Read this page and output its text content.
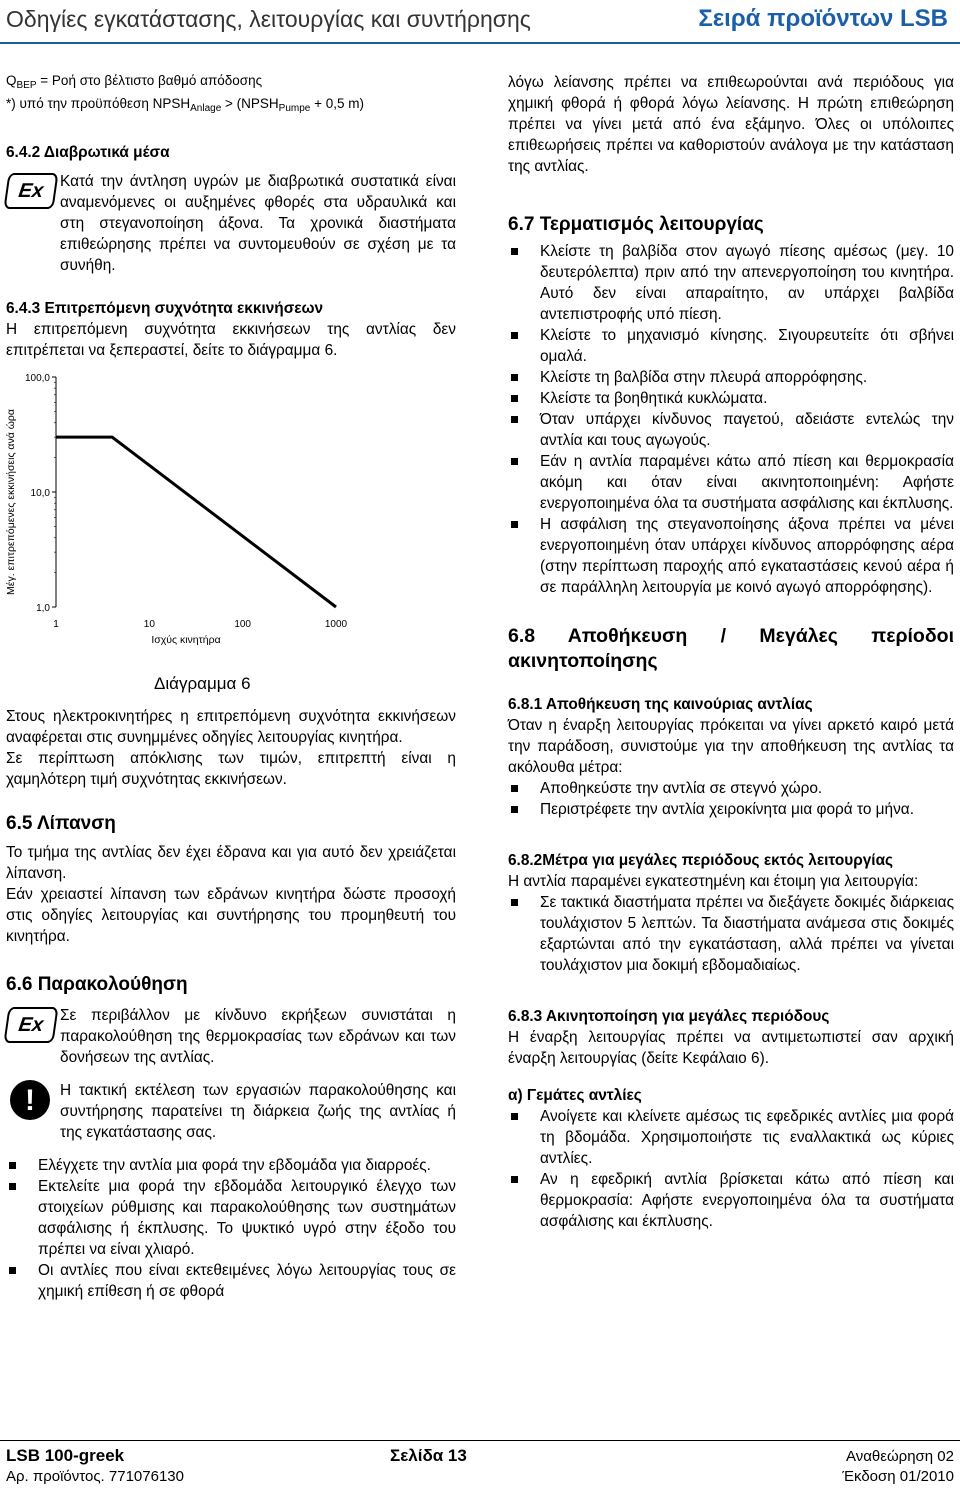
Οδηγίες εγκατάστασης, λειτουργίας και συντήρησης	Σειρά προϊόντων LSB

$Q_{BEP} = Poή$ στο βέλτιστο βαθμό απόδοσης

*) υπό την προϋπόθεση $NPSH_{Anlage}$ > ($NPSH_{Pumpe} + 0,5$ m)

6.4.2 Διαβρωτικά μέσα

Ex Κατά την άντληση υγρών με διαβρωτικά συστατικά είναι αναμενόμενες οι αυξημένες φθορές στα υδραυλικά και στη στεγανοποίηση άξονα. Τα χρονικά διαστήματα επιθεώρησης πρέπει να συντομευθούν σε σχέση με τα συνήθη.

6.4.3 Επιτρεπόμενη συχνότητα εκκινήσεων

Η επιτρεπόμενη συχνότητα εκκινήσεων της αντλίας δεν επιτρέπεται να ξεπεραστεί, δείτε το διάγραμμα 6.

1,0
10,0
100,0
1	10	100	1000
Ισχύς κινητήρα
Μέγ. επιτρεπόμενες εκκινήσεις ανά ώρα

Διάγραμμα 6

Στους ηλεκτροκινητήρες η επιτρεπόμενη συχνότητα εκκινήσεων αναφέρεται στις συνημμένες οδηγίες λειτουργίας κινητήρα.

Σε περίπτωση απόκλισης των τιμών, επιτρεπτή είναι η χαμηλότερη τιμή συχνότητας εκκινήσεων.

6.5 Λίπανση

Το τμήμα της αντλίας δεν έχει έδρανα και για αυτό δεν χρειάζεται λίπανση.

Εάν χρειαστεί λίπανση των εδράνων κινητήρα δώστε προσοχή στις οδηγίες λειτουργίας και συντήρησης του προμηθευτή του κινητήρα.

6.6 Παρακολούθηση

Ex Σε περιβάλλον με κίνδυνο εκρήξεων συνιστάται η παρακολούθηση της θερμοκρασίας των εδράνων και των δονήσεων της αντλίας.

!	Η τακτική εκτέλεση των εργασιών παρακολούθησης και συντήρησης παρατείνει τη διάρκεια ζωής της αντλίας ή της εγκατάστασης σας.

Ελέγχετε την αντλία μια φορά την εβδομάδα για διαρροές.

Εκτελείτε μια φορά την εβδομάδα λειτουργικό έλεγχο των στοιχείων ρύθμισης και παρακολούθησης των συστημάτων ασφάλισης ή έκπλυσης. Το ψυκτικό υγρό στην έξοδο του πρέπει να είναι χλιαρό.

Οι αντλίες που είναι εκτεθειμένες λόγω λειτουργίας τους σε χημική επίθεση ή σε φθορά

λόγω λείανσης πρέπει να επιθεωρούνται ανά περιόδους για χημική φθορά ή φθορά λόγω λείανσης. Η πρώτη επιθεώρηση πρέπει να γίνει μετά από ένα εξάμηνο. Όλες οι υπόλοιπες επιθεωρήσεις πρέπει να καθοριστούν ανάλογα με την κατάσταση της αντλίας.

6.7 Τερματισμός λειτουργίας

Κλείστε τη βαλβίδα στον αγωγό πίεσης αμέσως (μεγ. 10 δευτερόλεπτα) πριν από την απενεργοποίηση του κινητήρα. Αυτό δεν είναι απαραίτητο, αν υπάρχει βαλβίδα αντεπιστροφής υπό πίεση.

Κλείστε το μηχανισμό κίνησης. Σιγουρευτείτε ότι σβήνει ομαλά.

Κλείστε τη βαλβίδα στην πλευρά απορρόφησης.

Κλείστε τα βοηθητικά κυκλώματα.

Όταν υπάρχει κίνδυνος παγετού, αδειάστε εντελώς την αντλία και τους αγωγούς.

Εάν η αντλία παραμένει κάτω από πίεση και θερμοκρασία ακόμη και όταν είναι ακινητοποιημένη: Αφήστε ενεργοποιημένα όλα τα συστήματα ασφάλισης και έκπλυσης.

Η ασφάλιση της στεγανοποίησης άξονα πρέπει να μένει ενεργοποιημένη όταν υπάρχει κίνδυνος απορρόφησης αέρα (στην περίπτωση παροχής από εγκαταστάσεις κενού αέρα ή σε παράλληλη λειτουργία με κοινό αγωγό απορρόφησης).

6.8 Αποθήκευση / Μεγάλες περίοδοι ακινητοποίησης

6.8.1 Αποθήκευση της καινούριας αντλίας

Όταν η έναρξη λειτουργίας πρόκειται να γίνει αρκετό καιρό μετά την παράδοση, συνιστούμε για την αποθήκευση της αντλίας τα ακόλουθα μέτρα:

Αποθηκεύστε την αντλία σε στεγνό χώρο.

Περιστρέφετε την αντλία χειροκίνητα μια φορά το μήνα.

6.8.2Μέτρα για μεγάλες περιόδους εκτός λειτουργίας

Η αντλία παραμένει εγκατεστημένη και έτοιμη για λειτουργία:

Σε τακτικά διαστήματα πρέπει να διεξάγετε δοκιμές διάρκειας τουλάχιστον 5 λεπτών. Τα διαστήματα ανάμεσα στις δοκιμές εξαρτώνται από την εγκατάσταση, αλλά πρέπει να γίνεται τουλάχιστον μια δοκιμή εβδομαδιαίως.

6.8.3 Ακινητοποίηση για μεγάλες περιόδους

Η έναρξη λειτουργίας πρέπει να αντιμετωπιστεί σαν αρχική έναρξη λειτουργίας (δείτε Κεφάλαιο 6).

α) Γεμάτες αντλίες

Ανοίγετε και κλείνετε αμέσως τις εφεδρικές αντλίες μια φορά τη βδομάδα. Χρησιμοποιήστε τις εναλλακτικά ως κύριες αντλίες.

Αν η εφεδρική αντλία βρίσκεται κάτω από πίεση και θερμοκρασία: Αφήστε ενεργοποιημένα όλα τα συστήματα ασφάλισης και έκπλυσης.

LSB 100-greek	Σελίδα 13	Αναθεώρηση 02
Αρ. προϊόντος. 771076130	Έκδοση 01/2010
